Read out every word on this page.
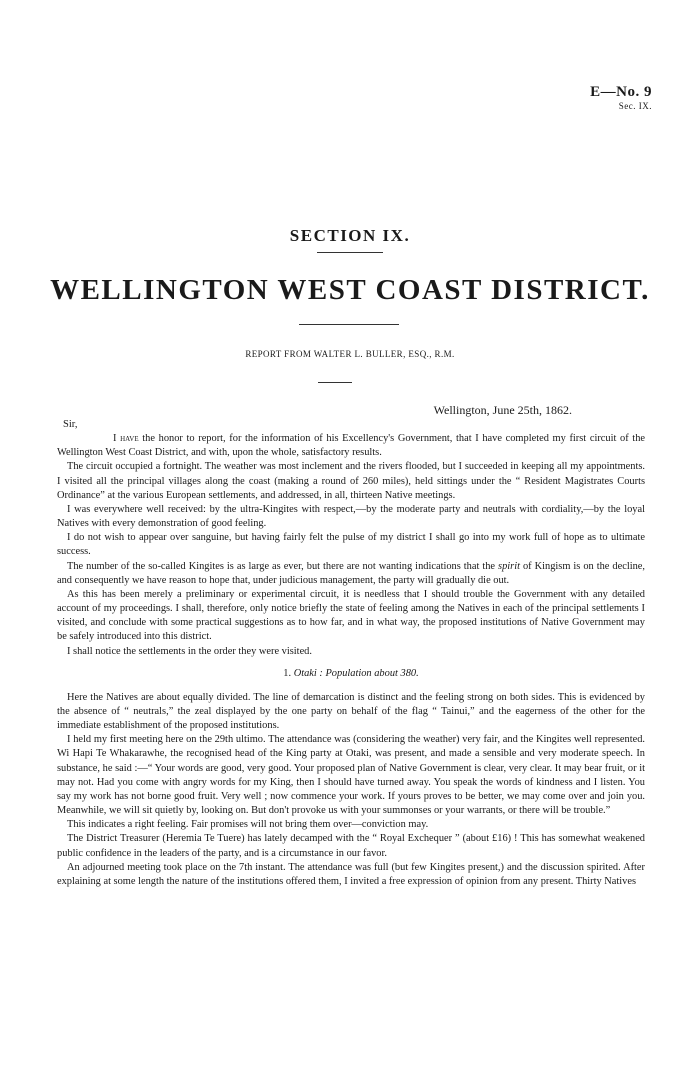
E—No. 9
Sec. IX.
SECTION IX.
WELLINGTON WEST COAST DISTRICT.
REPORT FROM WALTER L. BULLER, ESQ., R.M.
Wellington, June 25th, 1862.

Sir,

I have the honor to report, for the information of his Excellency's Government, that I have completed my first circuit of the Wellington West Coast District, and with, upon the whole, satisfactory results.

The circuit occupied a fortnight. The weather was most inclement and the rivers flooded, but I succeeded in keeping all my appointments. I visited all the principal villages along the coast (making a round of 260 miles), held sittings under the “ Resident Magistrates Courts Ordinance” at the various European settlements, and addressed, in all, thirteen Native meetings.

I was everywhere well received: by the ultra-Kingites with respect,—by the moderate party and neutrals with cordiality,—by the loyal Natives with every demonstration of good feeling.

I do not wish to appear over sanguine, but having fairly felt the pulse of my district I shall go into my work full of hope as to ultimate success.

The number of the so-called Kingites is as large as ever, but there are not wanting indications that the spirit of Kingism is on the decline, and consequently we have reason to hope that, under judicious management, the party will gradually die out.

As this has been merely a preliminary or experimental circuit, it is needless that I should trouble the Government with any detailed account of my proceedings. I shall, therefore, only notice briefly the state of feeling among the Natives in each of the principal settlements I visited, and conclude with some practical suggestions as to how far, and in what way, the proposed institutions of Native Government may be safely introduced into this district.

I shall notice the settlements in the order they were visited.

1. Otaki : Population about 380.

Here the Natives are about equally divided. The line of demarcation is distinct and the feeling strong on both sides. This is evidenced by the absence of “ neutrals,” the zeal displayed by the one party on behalf of the flag “ Tainui,” and the eagerness of the other for the immediate establishment of the proposed institutions.

I held my first meeting here on the 29th ultimo. The attendance was (considering the weather) very fair, and the Kingites well represented. Wi Hapi Te Whakarawhe, the recognised head of the King party at Otaki, was present, and made a sensible and very moderate speech. In substance, he said :—“ Your words are good, very good. Your proposed plan of Native Government is clear, very clear. It may bear fruit, or it may not. Had you come with angry words for my King, then I should have turned away. You speak the words of kindness and I listen. You say my work has not borne good fruit. Very well ; now commence your work. If yours proves to be better, we may come over and join you. Meanwhile, we will sit quietly by, looking on. But don't provoke us with your summonses or your warrants, or there will be trouble.”

This indicates a right feeling. Fair promises will not bring them over—conviction may.

The District Treasurer (Heremia Te Tuere) has lately decamped with the “ Royal Exchequer ” (about £16) ! This has somewhat weakened public confidence in the leaders of the party, and is a circumstance in our favor.

An adjourned meeting took place on the 7th instant. The attendance was full (but few Kingites present,) and the discussion spirited. After explaining at some length the nature of the institutions offered them, I invited a free expression of opinion from any present. Thirty Natives
